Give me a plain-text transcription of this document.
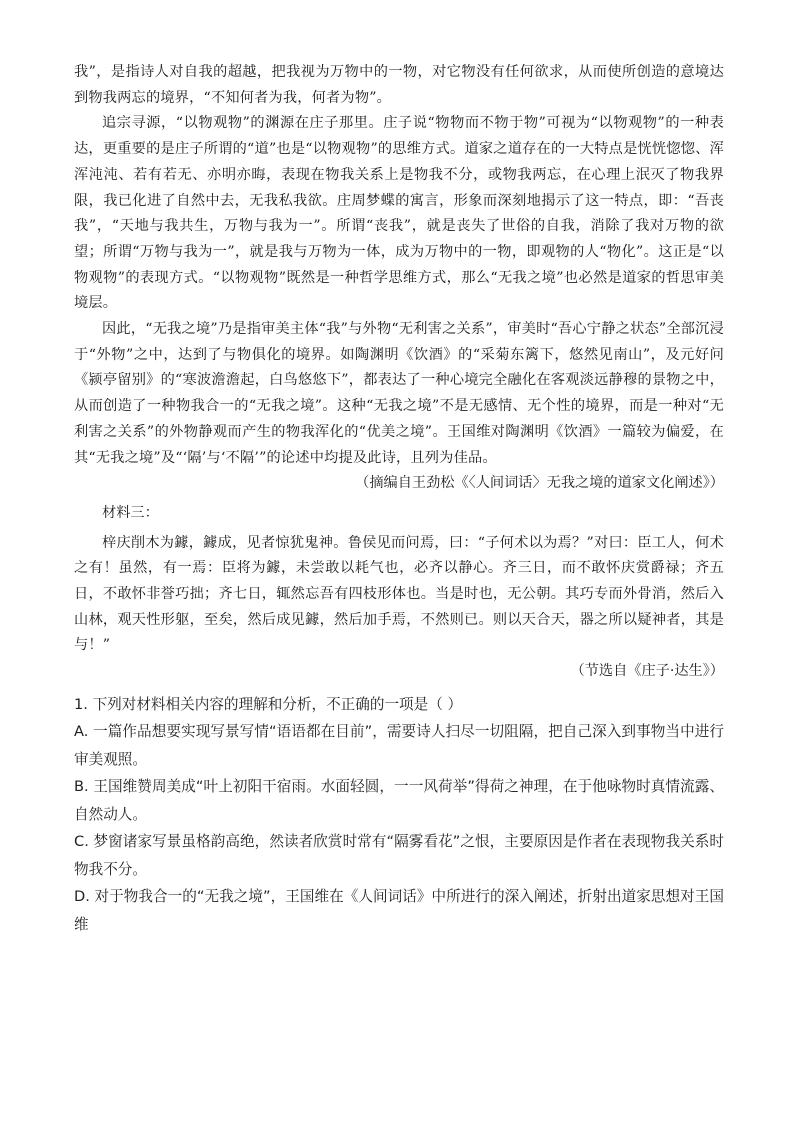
我”，是指诗人对自我的超越，把我视为万物中的一物，对它物没有任何欲求，从而使所创造的意境达到物我两忘的境界，“不知何者为我，何者为物”。

追宗寻源，“以物观物”的渊源在庄子那里。庄子说“物物而不物于物”可视为“以物观物”的一种表达，更重要的是庄子所谓的“道”也是“以物观物”的思维方式。道家之道存在的一大特点是恍恍惚惚、浑浑沌沌、若有若无、亦明亦晦，表现在物我关系上是物我不分，或物我两忘，在心理上泯灭了物我界限，我已化进了自然中去，无我私我欲。庄周梦蝶的寓言，形象而深刻地揭示了这一特点，即：“吾丧我”，“天地与我共生，万物与我为一”。所谓“丧我”，就是丧失了世俗的自我，消除了我对万物的欲望；所谓“万物与我为一”，就是我与万物为一体，成为万物中的一物，即观物的人“物化”。这正是“以物观物”的表现方式。“以物观物”既然是一种哲学思维方式，那么“无我之境”也必然是道家的哲思审美境层。

因此，“无我之境”乃是指审美主体“我”与外物“无利害之关系”，审美时“吾心宁静之状态”全部沉浸于“外物”之中，达到了与物俱化的境界。如陶渊明《饮酒》的“采菊东篱下，悠然见南山”，及元好问《颍亭留别》的“寒波澹澹起，白鸟悠悠下”，都表达了一种心境完全融化在客观淡远静穆的景物之中，从而创造了一种物我合一的“无我之境”。这种“无我之境”不是无感情、无个性的境界，而是一种对“无利害之关系”的外物静观而产生的物我浑化的“优美之境”。王国维对陶渊明《饮酒》一篇较为偏爱，在其“无我之境”及“‘隔’与‘不隔’”的论述中均提及此诗，且列为佳品。

（摘编自王劲松《〈人间词话〉无我之境的道家文化阐述》）

材料三：

梓庆削木为鐻，鐻成，见者惊犹鬼神。鲁侯见而问焉，曰：“子何术以为焉？”对曰：臣工人，何术之有！虽然，有一焉：臣将为鐻，未尝敢以耗气也，必齐以静心。齐三日，而不敢怀庆赏爵禄；齐五日，不敢怀非誉巧拙；齐七日，辄然忘吾有四枝形体也。当是时也，无公朝。其巧专而外骨消，然后入山林，观天性形躯，至矣，然后成见鐻，然后加手焉，不然则已。则以天合天，器之所以疑神者，其是与！”

（节选自《庄子·达生》）

1. 下列对材料相关内容的理解和分析，不正确的一项是（ ）

A. 一篇作品想要实现写景写情“语语都在目前”，需要诗人扫尽一切阻隔，把自己深入到事物当中进行审美观照。

B. 王国维赞周美成“叶上初阳干宿雨。水面轻圆，一一风荷举”得荷之神理，在于他咏物时真情流露、自然动人。

C. 梦窗诸家写景虽格韵高绝，然读者欣赏时常有“隔雾看花”之恨，主要原因是作者在表现物我关系时物我不分。

D. 对于物我合一的“无我之境”，王国维在《人间词话》中所进行的深入阐述，折射出道家思想对王国维
